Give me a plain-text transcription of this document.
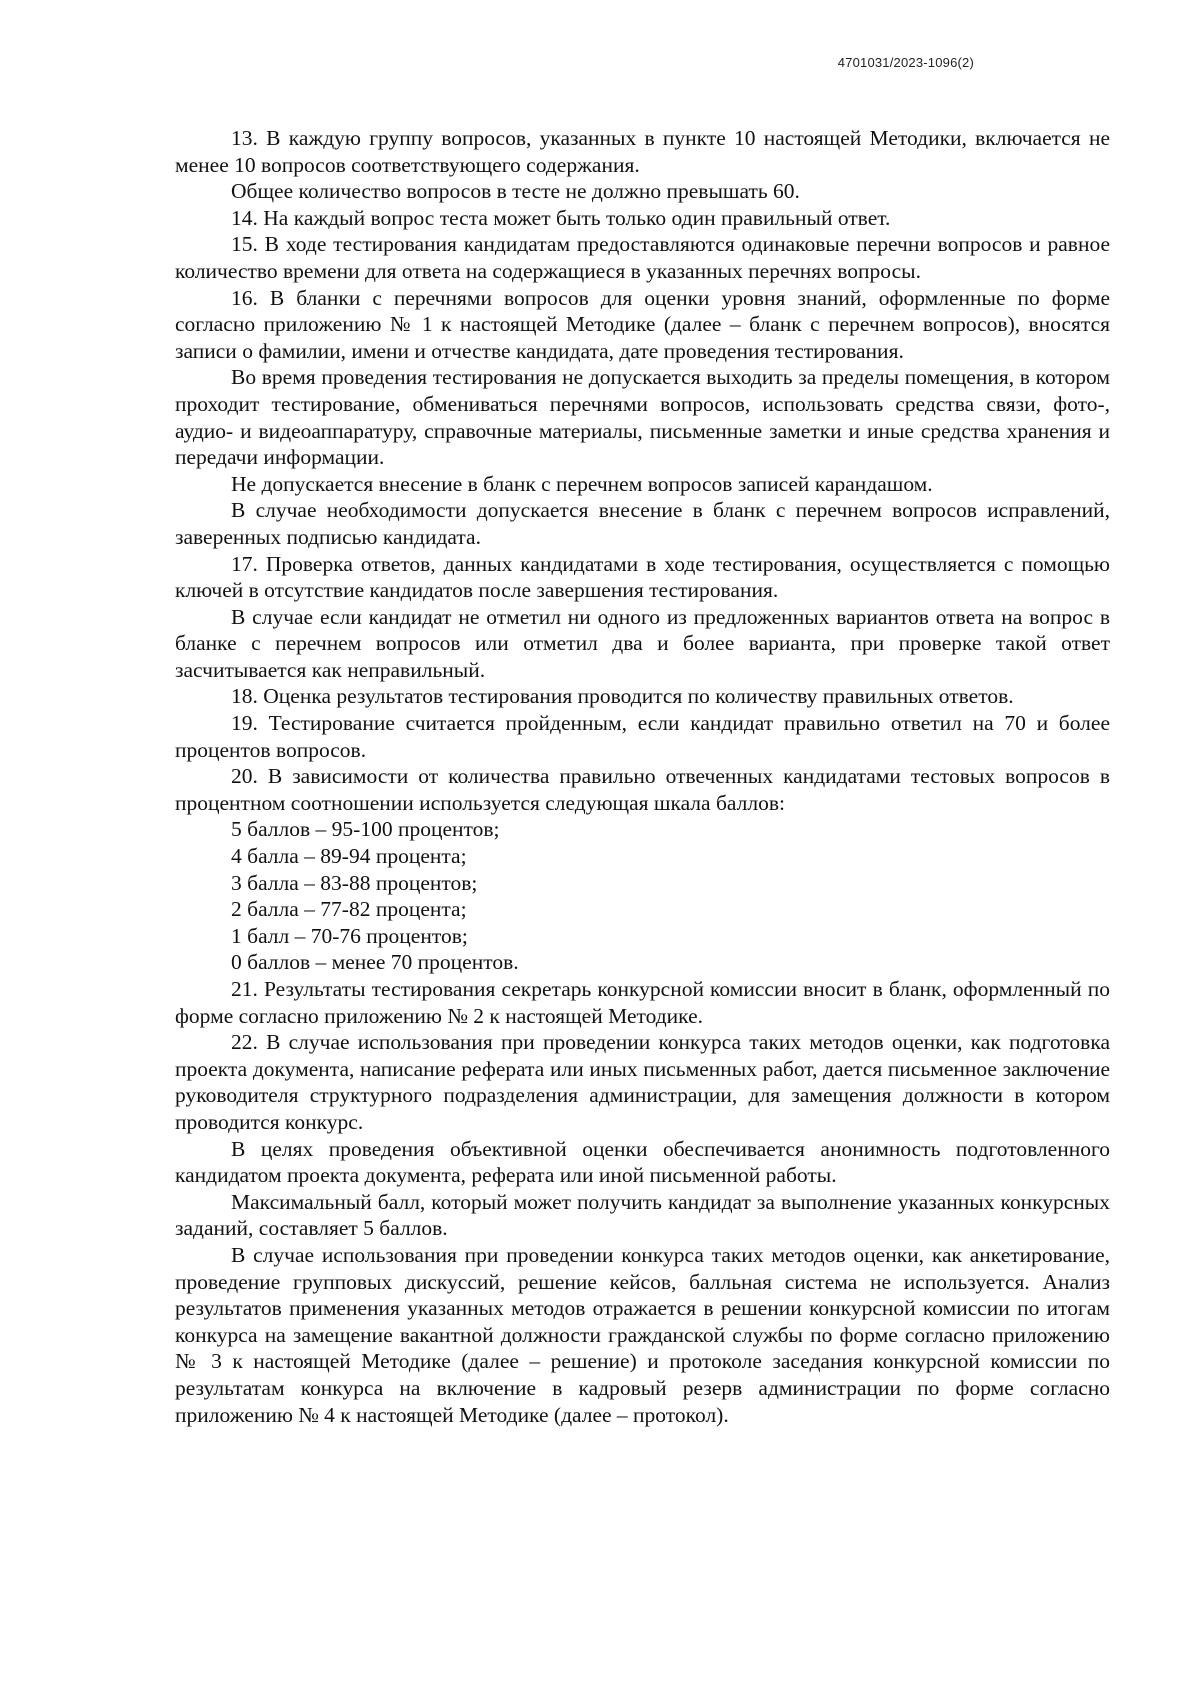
4701031/2023-1096(2)

13. В каждую группу вопросов, указанных в пункте 10 настоящей Методики, включается не менее 10 вопросов соответствующего содержания.

Общее количество вопросов в тесте не должно превышать 60.

14. На каждый вопрос теста может быть только один правильный ответ.

15. В ходе тестирования кандидатам предоставляются одинаковые перечни вопросов и равное количество времени для ответа на содержащиеся в указанных перечнях вопросы.

16. В бланки с перечнями вопросов для оценки уровня знаний, оформленные по форме согласно приложению № 1 к настоящей Методике (далее – бланк с перечнем вопросов), вносятся записи о фамилии, имени и отчестве кандидата, дате проведения тестирования.

Во время проведения тестирования не допускается выходить за пределы помещения, в котором проходит тестирование, обмениваться перечнями вопросов, использовать средства связи, фото-, аудио- и видеоаппаратуру, справочные материалы, письменные заметки и иные средства хранения и передачи информации.

Не допускается внесение в бланк с перечнем вопросов записей карандашом.

В случае необходимости допускается внесение в бланк с перечнем вопросов исправлений, заверенных подписью кандидата.

17. Проверка ответов, данных кандидатами в ходе тестирования, осуществляется с помощью ключей в отсутствие кандидатов после завершения тестирования.

В случае если кандидат не отметил ни одного из предложенных вариантов ответа на вопрос в бланке с перечнем вопросов или отметил два и более варианта, при проверке такой ответ засчитывается как неправильный.

18. Оценка результатов тестирования проводится по количеству правильных ответов.

19. Тестирование считается пройденным, если кандидат правильно ответил на 70 и более процентов вопросов.

20. В зависимости от количества правильно отвеченных кандидатами тестовых вопросов в процентном соотношении используется следующая шкала баллов:

5 баллов – 95-100 процентов;

4 балла – 89-94 процента;

3 балла – 83-88 процентов;

2 балла – 77-82 процента;

1 балл – 70-76 процентов;

0 баллов – менее 70 процентов.

21. Результаты тестирования секретарь конкурсной комиссии вносит в бланк, оформленный по форме согласно приложению № 2 к настоящей Методике.

22. В случае использования при проведении конкурса таких методов оценки, как подготовка проекта документа, написание реферата или иных письменных работ, дается письменное заключение руководителя структурного подразделения администрации, для замещения должности в котором проводится конкурс.

В целях проведения объективной оценки обеспечивается анонимность подготовленного кандидатом проекта документа, реферата или иной письменной работы.

Максимальный балл, который может получить кандидат за выполнение указанных конкурсных заданий, составляет 5 баллов.

В случае использования при проведении конкурса таких методов оценки, как анкетирование, проведение групповых дискуссий, решение кейсов, балльная система не используется. Анализ результатов применения указанных методов отражается в решении конкурсной комиссии по итогам конкурса на замещение вакантной должности гражданской службы по форме согласно приложению № 3 к настоящей Методике (далее – решение) и протоколе заседания конкурсной комиссии по результатам конкурса на включение в кадровый резерв администрации по форме согласно приложению № 4 к настоящей Методике (далее – протокол).
